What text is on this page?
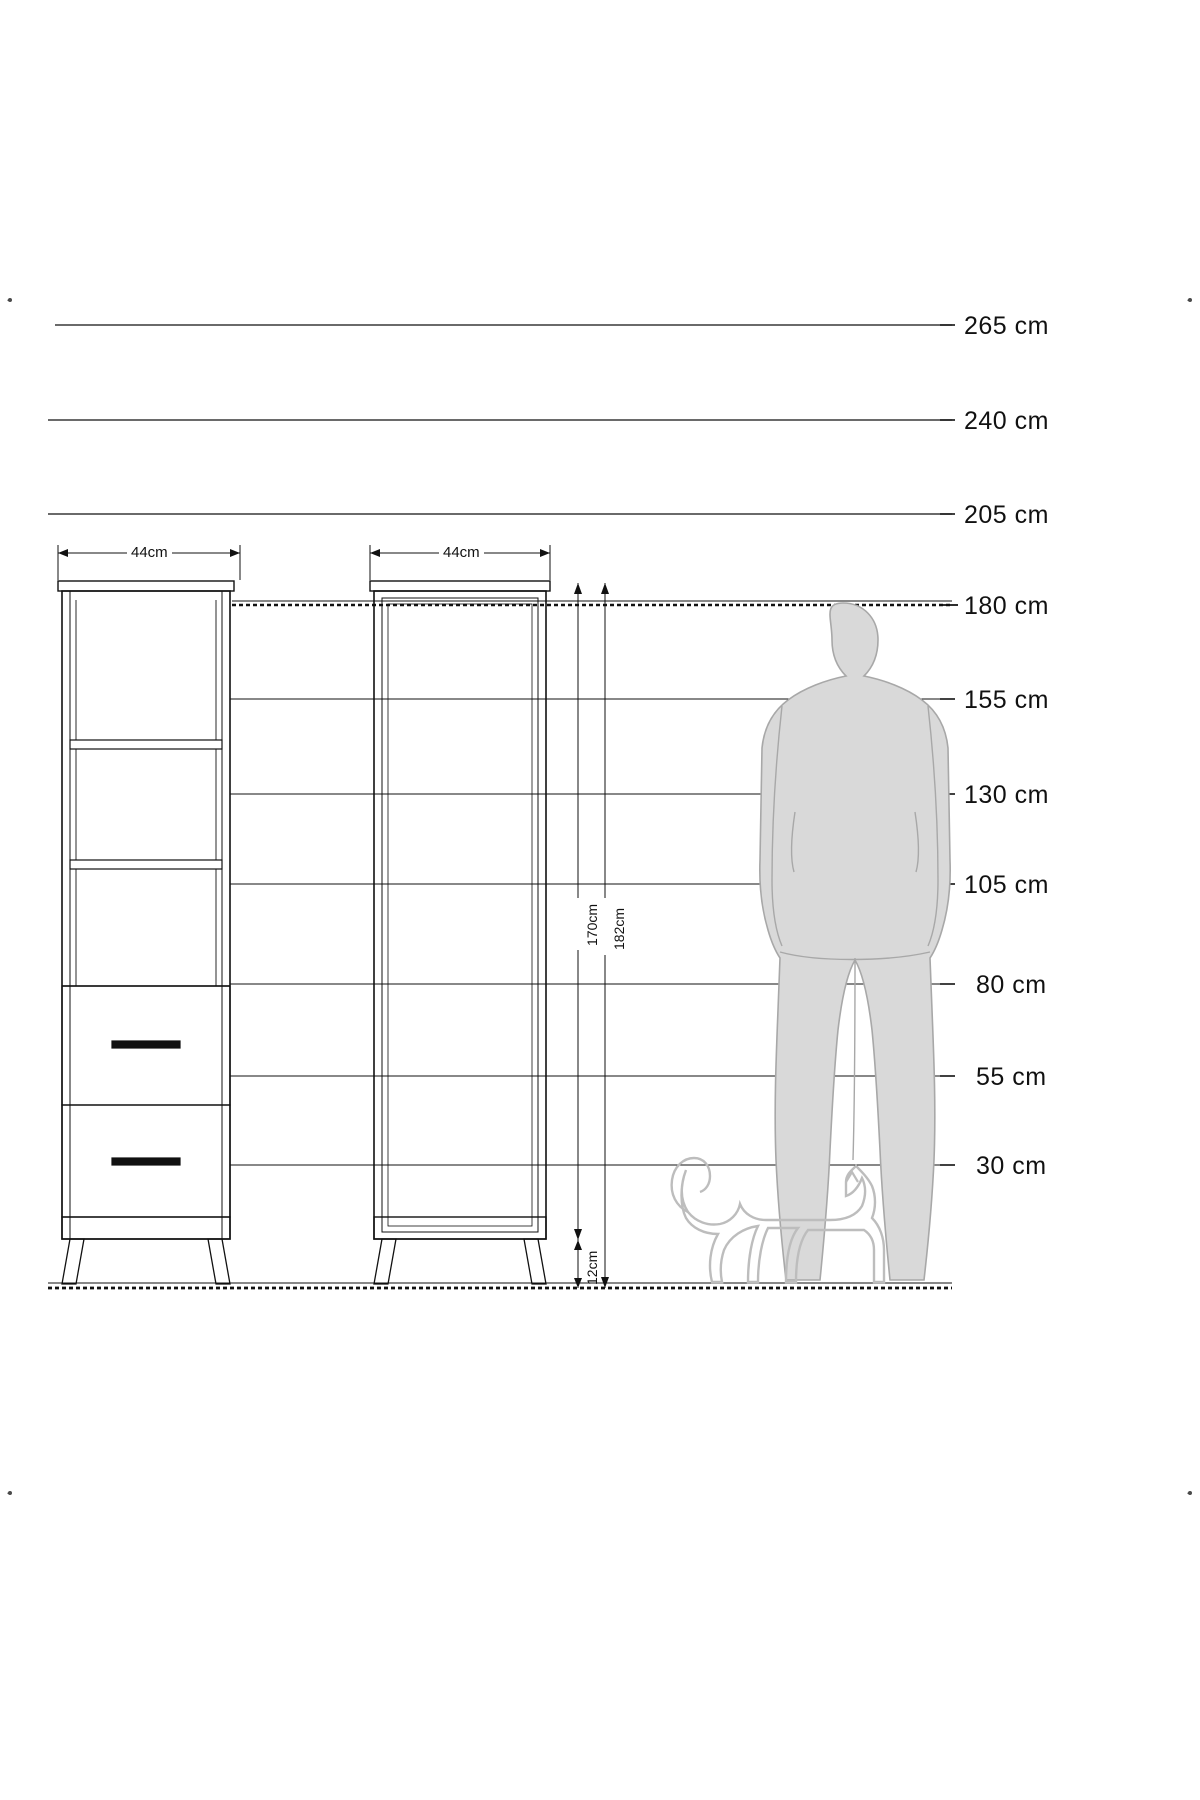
265 cm
240 cm
205 cm
180 cm
155 cm
130 cm
105 cm
80 cm
55 cm
30 cm
44cm	44cm
170cm 182cm
12cm
·	·
·	·
